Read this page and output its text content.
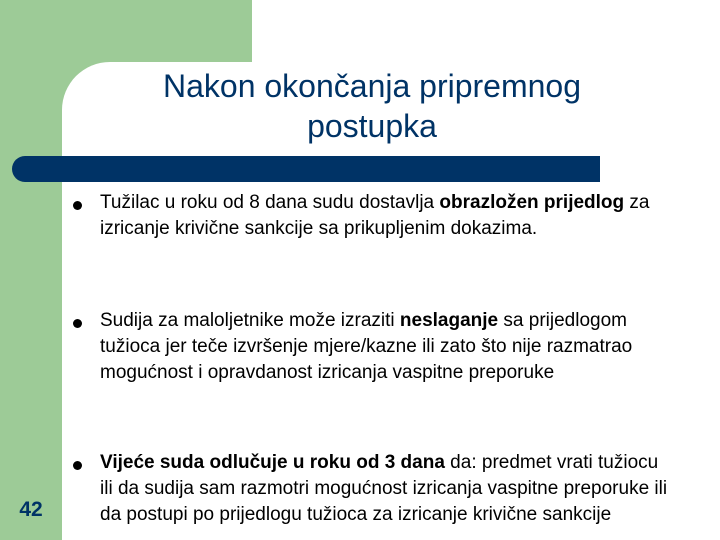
Nakon okončanja pripremnog
postupka
Tužilac u roku od 8 dana sudu dostavlja obrazložen prijedlog za izricanje krivične sankcije sa prikupljenim dokazima.
Sudija za maloljetnike može izraziti neslaganje sa prijedlogom tužioca jer teče izvršenje mjere/kazne ili zato što nije razmatrao mogućnost i opravdanost izricanja vaspitne preporuke
Vijeće suda odlučuje u roku od 3 dana da: predmet vrati tužiocu ili da sudija sam razmotri mogućnost izricanja vaspitne preporuke ili da postupi po prijedlogu tužioca za izricanje krivične sankcije
42
